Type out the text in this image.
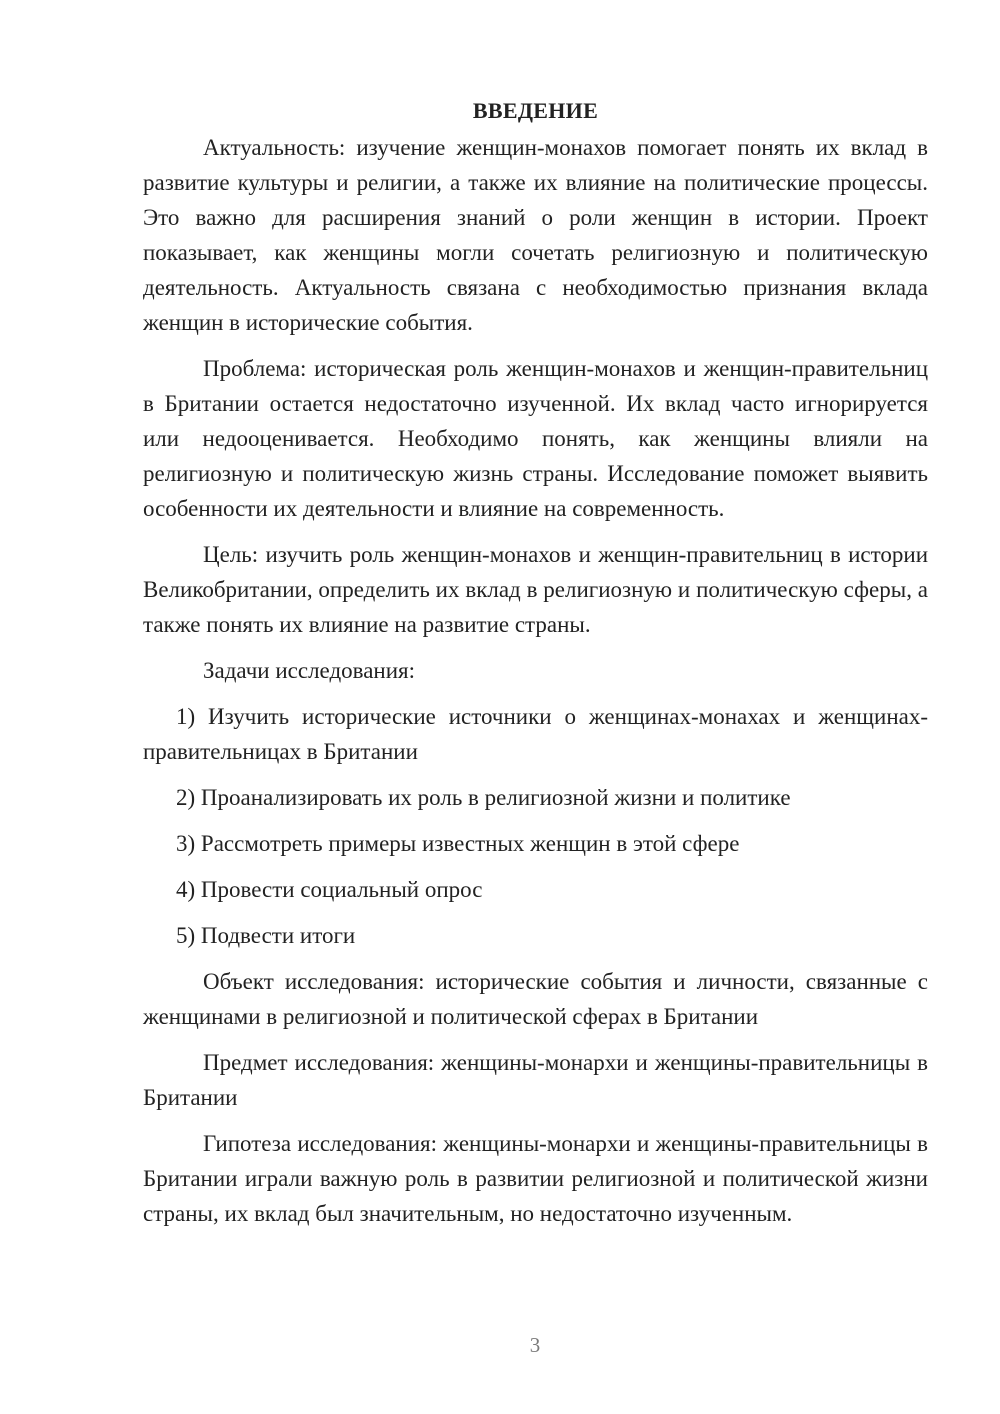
ВВЕДЕНИЕ

Актуальность: изучение женщин-монахов помогает понять их вклад в развитие культуры и религии, а также их влияние на политические процессы. Это важно для расширения знаний о роли женщин в истории. Проект показывает, как женщины могли сочетать религиозную и политическую деятельность. Актуальность связана с необходимостью признания вклада женщин в исторические события.

Проблема: историческая роль женщин-монахов и женщин-правительниц в Британии остается недостаточно изученной. Их вклад часто игнорируется или недооценивается. Необходимо понять, как женщины влияли на религиозную и политическую жизнь страны. Исследование поможет выявить особенности их деятельности и влияние на современность.

Цель: изучить роль женщин-монахов и женщин-правительниц в истории Великобритании, определить их вклад в религиозную и политическую сферы, а также понять их влияние на развитие страны.

Задачи исследования:

1) Изучить исторические источники о женщинах-монахах и женщинах-правительницах в Британии

2) Проанализировать их роль в религиозной жизни и политике

3) Рассмотреть примеры известных женщин в этой сфере

4) Провести социальный опрос

5) Подвести итоги

Объект исследования: исторические события и личности, связанные с женщинами в религиозной и политической сферах в Британии

Предмет исследования: женщины-монархи и женщины-правительницы в Британии

Гипотеза исследования: женщины-монархи и женщины-правительницы в Британии играли важную роль в развитии религиозной и политической жизни страны, их вклад был значительным, но недостаточно изученным.

3
